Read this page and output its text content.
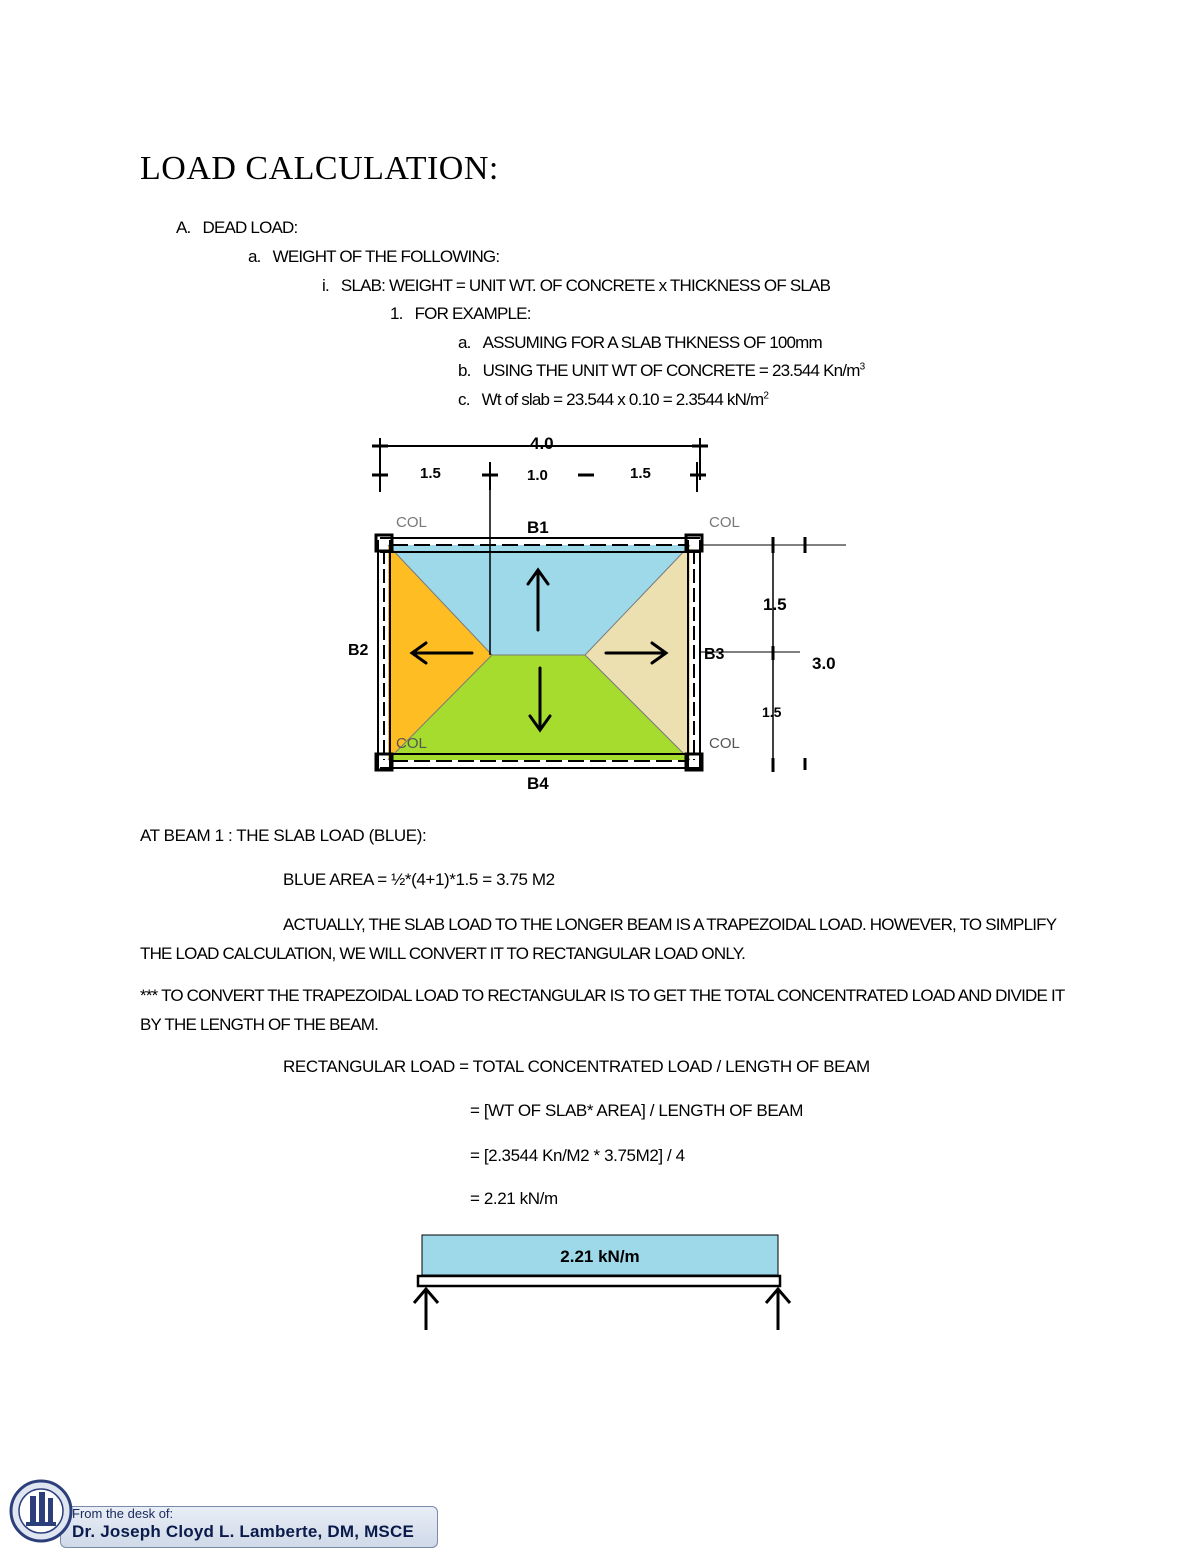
LOAD CALCULATION:
A. DEAD LOAD:
a. WEIGHT OF THE FOLLOWING:
i. SLAB: WEIGHT = UNIT WT. OF CONCRETE x THICKNESS OF SLAB
1. FOR EXAMPLE:
a. ASSUMING FOR A SLAB THKNESS OF 100mm
b. USING THE UNIT WT OF CONCRETE = 23.544 $Kn/m^3$
c. Wt of slab = 23.544 x 0.10 = 2.3544 $kN/m^2$
4.0
1.5	1.0	1.5
COL	COL
COL	COL
B1
B2	B3
B4
1.5
1.5
3.0
AT BEAM 1 : THE SLAB LOAD (BLUE):
BLUE AREA = ½*(4+1)*1.5 = 3.75 M2
ACTUALLY, THE SLAB LOAD TO THE LONGER BEAM IS A TRAPEZOIDAL LOAD. HOWEVER, TO SIMPLIFY THE LOAD CALCULATION, WE WILL CONVERT IT TO RECTANGULAR LOAD ONLY.
*** TO CONVERT THE TRAPEZOIDAL LOAD TO RECTANGULAR IS TO GET THE TOTAL CONCENTRATED LOAD AND DIVIDE IT BY THE LENGTH OF THE BEAM.
RECTANGULAR LOAD = TOTAL CONCENTRATED LOAD / LENGTH OF BEAM
= [WT OF SLAB* AREA] / LENGTH OF BEAM
= [2.3544 Kn/M2 * 3.75M2] / 4
= 2.21 kN/m
2.21 kN/m
From the desk of:
Dr. Joseph Cloyd L. Lamberte, DM, MSCE
